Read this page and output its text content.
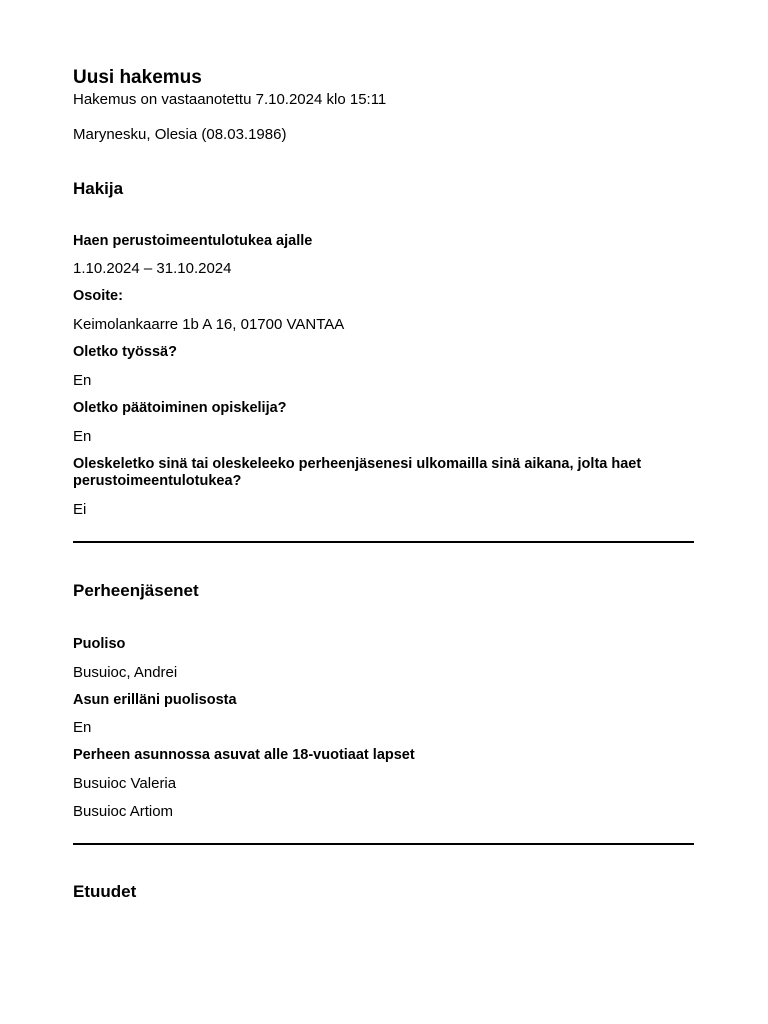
Uusi hakemus
Hakemus on vastaanotettu 7.10.2024 klo 15:11
Marynesku, Olesia (08.03.1986)
Hakija
Haen perustoimeentulotukea ajalle
1.10.2024 – 31.10.2024
Osoite:
Keimolankaarre 1b A 16, 01700 VANTAA
Oletko työssä?
En
Oletko päätoiminen opiskelija?
En
Oleskeletko sinä tai oleskeleeko perheenjäsenesi ulkomailla sinä aikana, jolta haet
perustoimeentulotukea?
Ei
Perheenjäsenet
Puoliso
Busuioc, Andrei
Asun erilläni puolisosta
En
Perheen asunnossa asuvat alle 18-vuotiaat lapset
Busuioc Valeria
Busuioc Artiom
Etuudet
